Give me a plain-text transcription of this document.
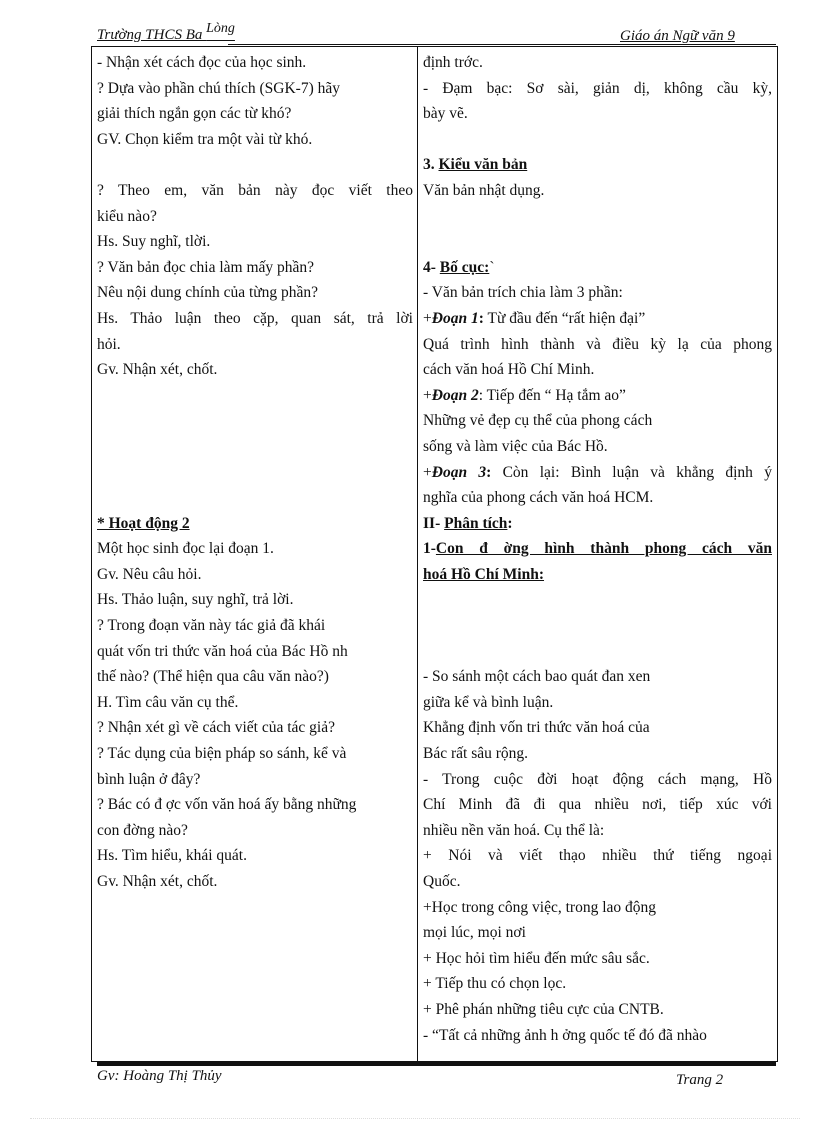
Trường THCS Ba Lòng	Giáo án Ngữ văn 9
- Nhận xét cách đọc của học sinh.
? Dựa vào phần chú thích (SGK-7) hãy
giải thích ngắn gọn các từ khó?
GV. Chọn kiểm tra một vài từ khó.
? Theo em, văn bản này đọc viết theo
kiểu nào?
Hs. Suy nghĩ, tlời.
? Văn bản đọc chia làm mấy phần?
Nêu nội dung chính của từng phần?
Hs. Thảo luận theo cặp, quan sát, trả lời
hỏi.
Gv. Nhận xét, chốt.
* Hoạt động 2
Một học sinh đọc lại đoạn 1.
Gv. Nêu câu hỏi.
Hs. Thảo luận, suy nghĩ, trả lời.
? Trong đoạn văn này tác giả đã khái
quát vốn tri thức văn hoá của Bác Hồ nh
thế nào? (Thể hiện qua câu văn nào?)
H. Tìm câu văn cụ thể.
? Nhận xét gì về cách viết của tác giả?
? Tác dụng của biện pháp so sánh, kể và
bình luận ở đây?
? Bác có đ ợc vốn văn hoá ấy bằng những
con đờng nào?
Hs. Tìm hiểu, khái quát.
Gv. Nhận xét, chốt.
định trớc.
- Đạm bạc: Sơ sài, giản dị, không cầu kỳ,
bày vẽ.
3. Kiểu văn bản
Văn bản nhật dụng.
4- Bố cục:`
- Văn bản trích chia làm 3 phần:
+Đoạn 1: Từ đầu đến “rất hiện đại”
Quá trình hình thành và điều kỳ lạ của phong
cách văn hoá Hồ Chí Minh.
+Đoạn 2: Tiếp đến “ Hạ tắm ao”
Những vẻ đẹp cụ thể của phong cách
sống và làm việc của Bác Hồ.
+Đoạn 3: Còn lại: Bình luận và khẳng định ý
nghĩa của phong cách văn hoá HCM.
II- Phân tích:
1-Con đ ờng hình thành phong cách văn
hoá Hồ Chí Minh:
- So sánh một cách bao quát đan xen
giữa kể và bình luận.
Khẳng định vốn tri thức văn hoá của
Bác rất sâu rộng.
- Trong cuộc đời hoạt động cách mạng, Hồ
Chí Minh đã đi qua nhiều nơi, tiếp xúc với
nhiều nền văn hoá. Cụ thể là:
+ Nói và viết thạo nhiều thứ tiếng ngoại
Quốc.
+Học trong công việc, trong lao động
mọi lúc, mọi nơi
+ Học hỏi tìm hiểu đến mức sâu sắc.
+ Tiếp thu có chọn lọc.
+ Phê phán những tiêu cực của CNTB.
- “Tất cả những ảnh h ởng quốc tế đó đã nhào
Gv: Hoàng Thị Thủy	Trang 2
